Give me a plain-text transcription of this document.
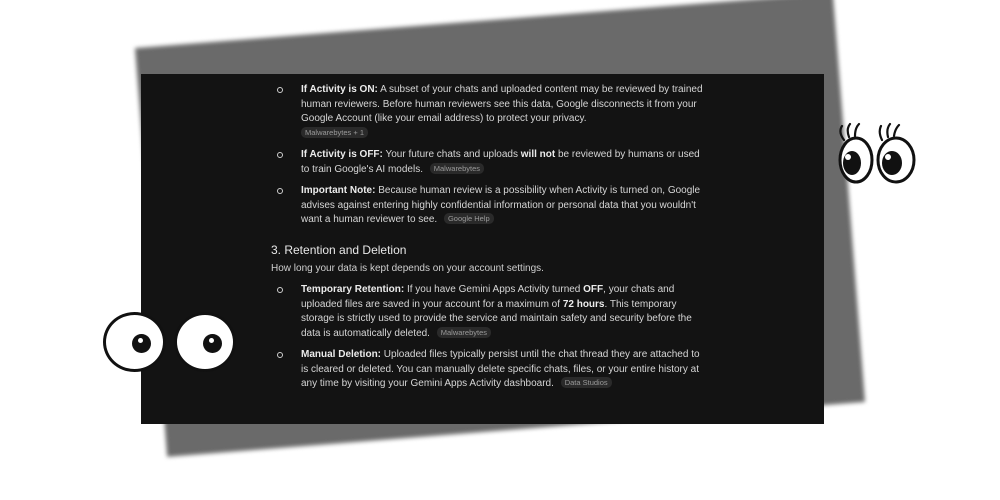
If Activity is ON: A subset of your chats and uploaded content may be reviewed by trained human reviewers. Before human reviewers see this data, Google disconnects it from your Google Account (like your email address) to protect your privacy.
Malwarebytes + 1
If Activity is OFF: Your future chats and uploads will not be reviewed by humans or used to train Google's AI models. Malwarebytes
Important Note: Because human review is a possibility when Activity is turned on, Google advises against entering highly confidential information or personal data that you wouldn't want a human reviewer to see. Google Help
3. Retention and Deletion
How long your data is kept depends on your account settings.
Temporary Retention: If you have Gemini Apps Activity turned OFF, your chats and uploaded files are saved in your account for a maximum of 72 hours. This temporary storage is strictly used to provide the service and maintain safety and security before the data is automatically deleted. Malwarebytes
Manual Deletion: Uploaded files typically persist until the chat thread they are attached to is cleared or deleted. You can manually delete specific chats, files, or your entire history at any time by visiting your Gemini Apps Activity dashboard. Data Studios
